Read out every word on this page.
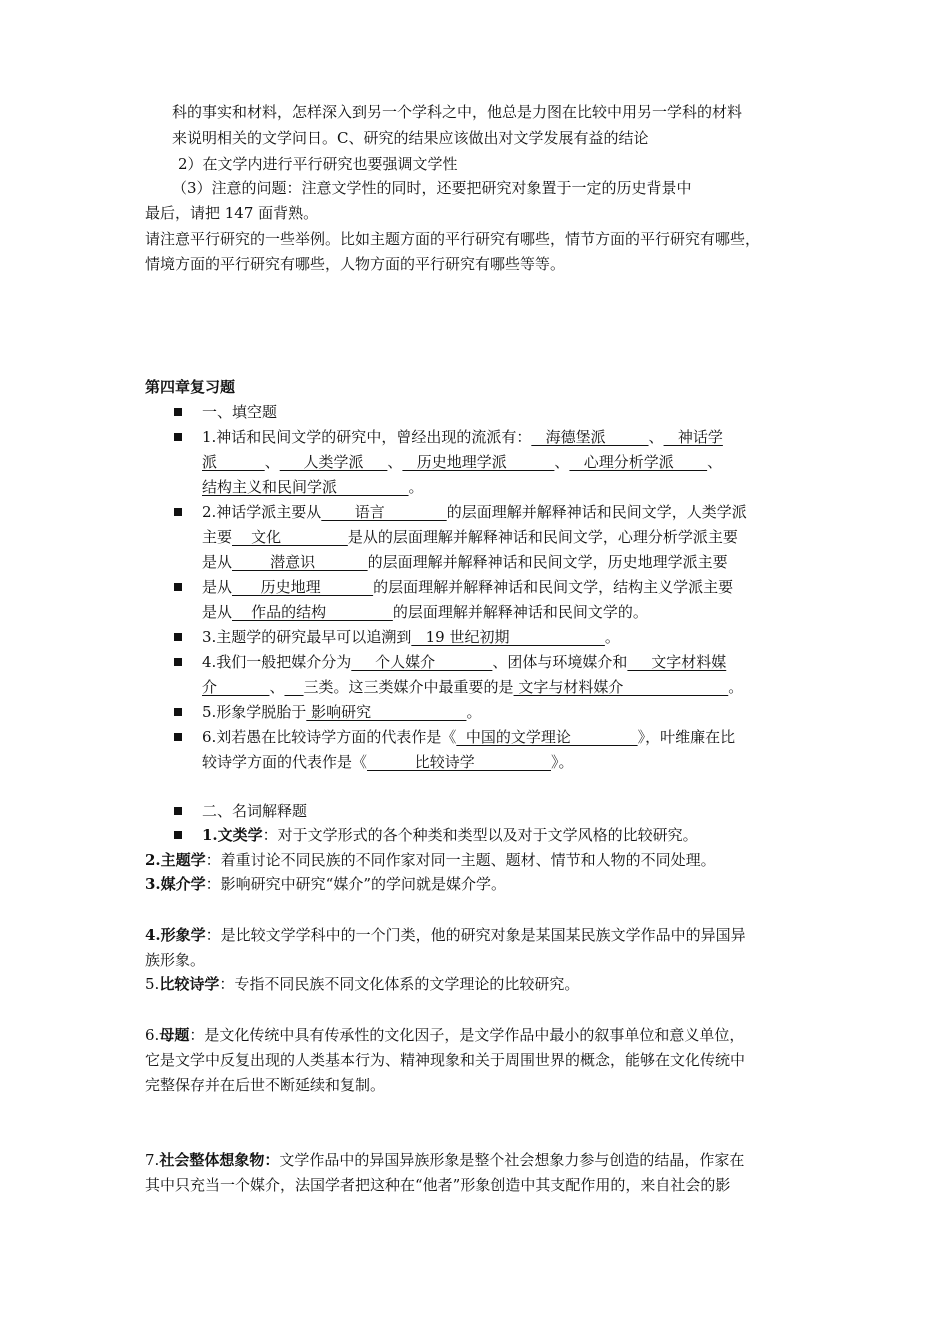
科的事实和材料，怎样深入到另一个学科之中，他总是力图在比较中用另一学科的材料
来说明相关的文学问日。C、研究的结果应该做出对文学发展有益的结论
2）在文学内进行平行研究也要强调文学性
（3）注意的问题：注意文学性的同时，还要把研究对象置于一定的历史背景中
最后，请把 147 面背熟。
请注意平行研究的一些举例。比如主题方面的平行研究有哪些，情节方面的平行研究有哪些，
情境方面的平行研究有哪些，人物方面的平行研究有哪些等等。
第四章复习题
一、填空题
1.神话和民间文学的研究中，曾经出现的流派有：   海德堡派         、   神话学
派          、     人类学派     、   历史地理学派          、   心理分析学派       、
结构主义和民间学派               。
2.神话学派主要从       语言             的层面理解并解释神话和民间文学，人类学派
主要    文化              是从的层面理解并解释神话和民间文学，心理分析学派主要
是从        潜意识           的层面理解并解释神话和民间文学，历史地理学派主要
是从      历史地理           的层面理解并解释神话和民间文学，结构主义学派主要
是从    作品的结构              的层面理解并解释神话和民间文学的。
3.主题学的研究最早可以追溯到   19 世纪初期                    。
4.我们一般把媒介分为     个人媒介            、团体与环境媒介和     文字材料媒
介           、 三类。这三类媒介中最重要的是 文字与材料媒介                      。
5.形象学脱胎于 影响研究                    。
6.刘若愚在比较诗学方面的代表作是《  中国的文学理论              》，叶维廉在比
较诗学方面的代表作是《          比较诗学                》。
二、名词解释题
1.文类学：对于文学形式的各个种类和类型以及对于文学风格的比较研究。
2.主题学：着重讨论不同民族的不同作家对同一主题、题材、情节和人物的不同处理。
3.媒介学：影响研究中研究“媒介”的学问就是媒介学。
4.形象学：是比较文学学科中的一个门类，他的研究对象是某国某民族文学作品中的异国异
族形象。
5.比较诗学：专指不同民族不同文化体系的文学理论的比较研究。
6.母题：是文化传统中具有传承性的文化因子，是文学作品中最小的叙事单位和意义单位，
它是文学中反复出现的人类基本行为、精神现象和关于周围世界的概念，能够在文化传统中
完整保存并在后世不断延续和复制。
7.社会整体想象物：文学作品中的异国异族形象是整个社会想象力参与创造的结晶，作家在
其中只充当一个媒介，法国学者把这种在“他者”形象创造中其支配作用的，来自社会的影
